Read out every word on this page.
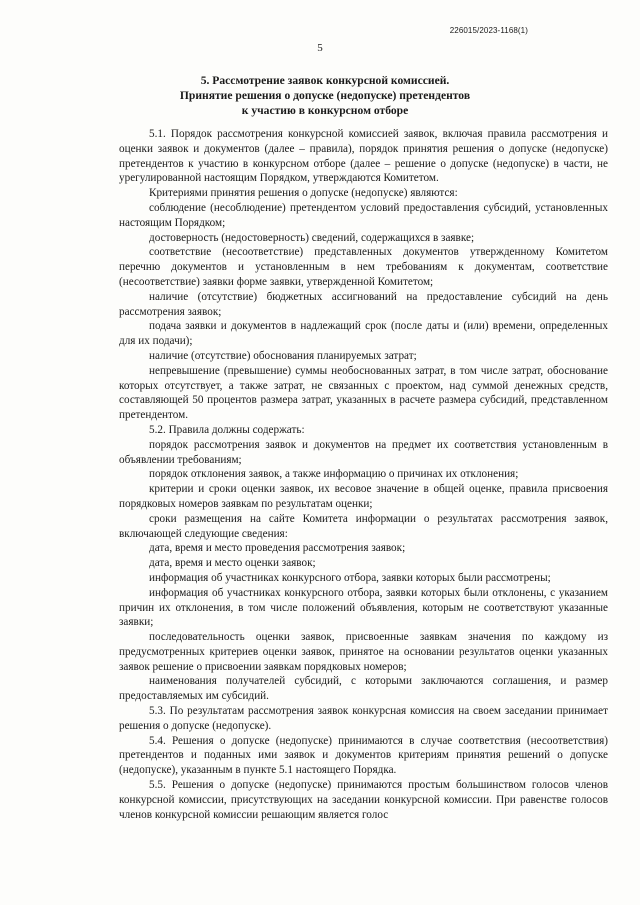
226015/2023-1168(1)
5
5. Рассмотрение заявок конкурсной комиссией.
Принятие решения о допуске (недопуске) претендентов
к участию в конкурсном отборе

5.1. Порядок рассмотрения конкурсной комиссией заявок, включая правила рассмотрения и оценки заявок и документов (далее – правила), порядок принятия решения о допуске (недопуске) претендентов к участию в конкурсном отборе (далее – решение о допуске (недопуске) в части, не урегулированной настоящим Порядком, утверждаются Комитетом.

Критериями принятия решения о допуске (недопуске) являются:

соблюдение (несоблюдение) претендентом условий предоставления субсидий, установленных настоящим Порядком;

достоверность (недостоверность) сведений, содержащихся в заявке;

соответствие (несоответствие) представленных документов утвержденному Комитетом перечню документов и установленным в нем требованиям к документам, соответствие (несоответствие) заявки форме заявки, утвержденной Комитетом;

наличие (отсутствие) бюджетных ассигнований на предоставление субсидий на день рассмотрения заявок;

подача заявки и документов в надлежащий срок (после даты и (или) времени, определенных для их подачи);

наличие (отсутствие) обоснования планируемых затрат;

непревышение (превышение) суммы необоснованных затрат, в том числе затрат, обоснование которых отсутствует, а также затрат, не связанных с проектом, над суммой денежных средств, составляющей 50 процентов размера затрат, указанных в расчете размера субсидий, представленном претендентом.

5.2. Правила должны содержать:

порядок рассмотрения заявок и документов на предмет их соответствия установленным в объявлении требованиям;

порядок отклонения заявок, а также информацию о причинах их отклонения;

критерии и сроки оценки заявок, их весовое значение в общей оценке, правила присвоения порядковых номеров заявкам по результатам оценки;

сроки размещения на сайте Комитета информации о результатах рассмотрения заявок, включающей следующие сведения:

дата, время и место проведения рассмотрения заявок;

дата, время и место оценки заявок;

информация об участниках конкурсного отбора, заявки которых были рассмотрены;

информация об участниках конкурсного отбора, заявки которых были отклонены, с указанием причин их отклонения, в том числе положений объявления, которым не соответствуют указанные заявки;

последовательность оценки заявок, присвоенные заявкам значения по каждому из предусмотренных критериев оценки заявок, принятое на основании результатов оценки указанных заявок решение о присвоении заявкам порядковых номеров;

наименования получателей субсидий, с которыми заключаются соглашения, и размер предоставляемых им субсидий.

5.3. По результатам рассмотрения заявок конкурсная комиссия на своем заседании принимает решения о допуске (недопуске).

5.4. Решения о допуске (недопуске) принимаются в случае соответствия (несоответствия) претендентов и поданных ими заявок и документов критериям принятия решений о допуске (недопуске), указанным в пункте 5.1 настоящего Порядка.

5.5. Решения о допуске (недопуске) принимаются простым большинством голосов членов конкурсной комиссии, присутствующих на заседании конкурсной комиссии. При равенстве голосов членов конкурсной комиссии решающим является голос
